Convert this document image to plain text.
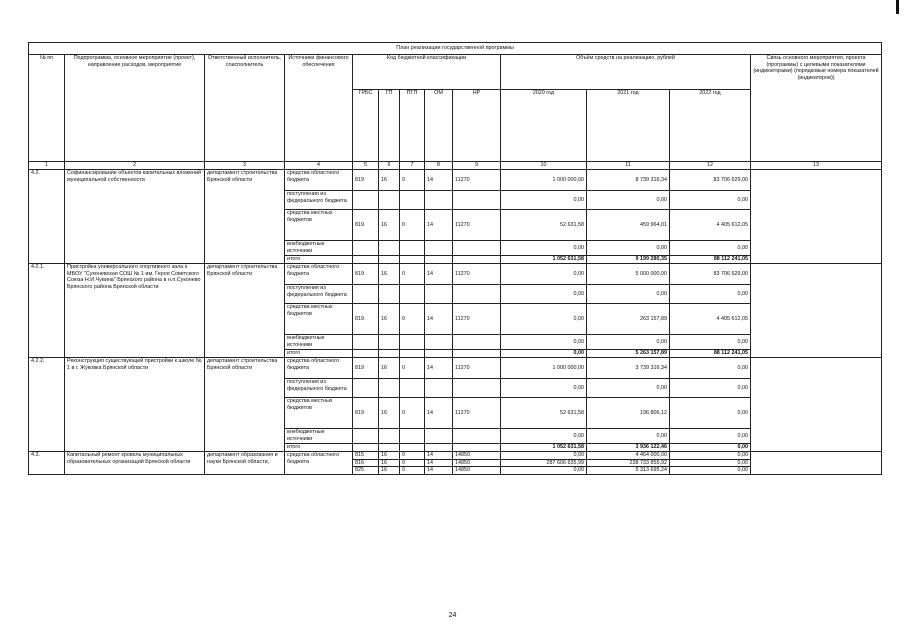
План реализации государственной программы												
№ пп	Подпрограмма, основное мероприятие (проект), направление расходов, мероприятие	Ответственный исполнитель, соисполнитель	Источники финансового обеспечения	Код бюджетной классификации					Объём средств на реализацию, рублей			Связь основного мероприятия, проекта (программы) с целевыми показателями (индикаторами) (порядковые номера показателей (индикаторов))
				ГРБС	ГП	ПГП	ОМ	НР	2020 год	2021 год	2022 год	
1	2	3	4	5	6	7	8	9	10	11	12	13
4.2.	Софинансирование объектов капитальных вложений муниципальной собственности	департамент строительства Брянской области	средства областного бюджета	819	16	0	14	11270	1 000 000,00	8 739 316,34	83 706 629,00	
			поступления из федерального бюджета						0,00	0,00	0,00	
			средства местных бюджетов	819	16	0	14	11270	52 631,58	459 964,01	4 405 612,05	
			внебюджетные источники						0,00	0,00	0,00	
			итого						1 052 631,58	9 199 280,35	88 112 241,05	
4.2.1.	Пристройка универсального спортивного зала к МБОУ "Суконевская СОШ № 1 им. Героя Советского Союза Н.И.Чувина" Брянского района в н.п.Суконево Брянского района Брянской области	департамент строительства Брянской области	средства областного бюджета	819	16	0	14	11270	0,00	5 000 000,00	83 706 629,00	
			поступления из федерального бюджета						0,00	0,00	0,00	
			средства местных бюджетов	819	16	0	14	11270	0,00	263 157,89	4 405 612,05	
			внебюджетные источники						0,00	0,00	0,00	
			итого						0,00	5 263 157,89	88 112 241,05	
4.2.2.	Реконструкция существующей пристройки к школе № 1 в г. Жуковка Брянской области	департамент строительства Брянской области	средства областного бюджета	819	16	0	14	11270	1 000 000,00	3 739 316,34	0,00	
			поступления из федерального бюджета						0,00	0,00	0,00	
			средства местных бюджетов	819	16	0	14	11270	52 631,58	196 806,12	0,00	
			внебюджетные источники						0,00	0,00	0,00	
			итого						1 052 631,58	3 936 122,46	0,00	
4.3.	Капитальный ремонт кровель муниципальных образовательных организаций Брянской области	департамент образования и науки Брянской области,	средства областного бюджета	815	16	0	14	14850	0,00	4 464 000,00	0,00	
				816	16	0	14	14850	287 606 635,99	238 733 855,92	0,00	
				825	16	0	14	14850	0,00	5 313 695,24	0,00	
24
